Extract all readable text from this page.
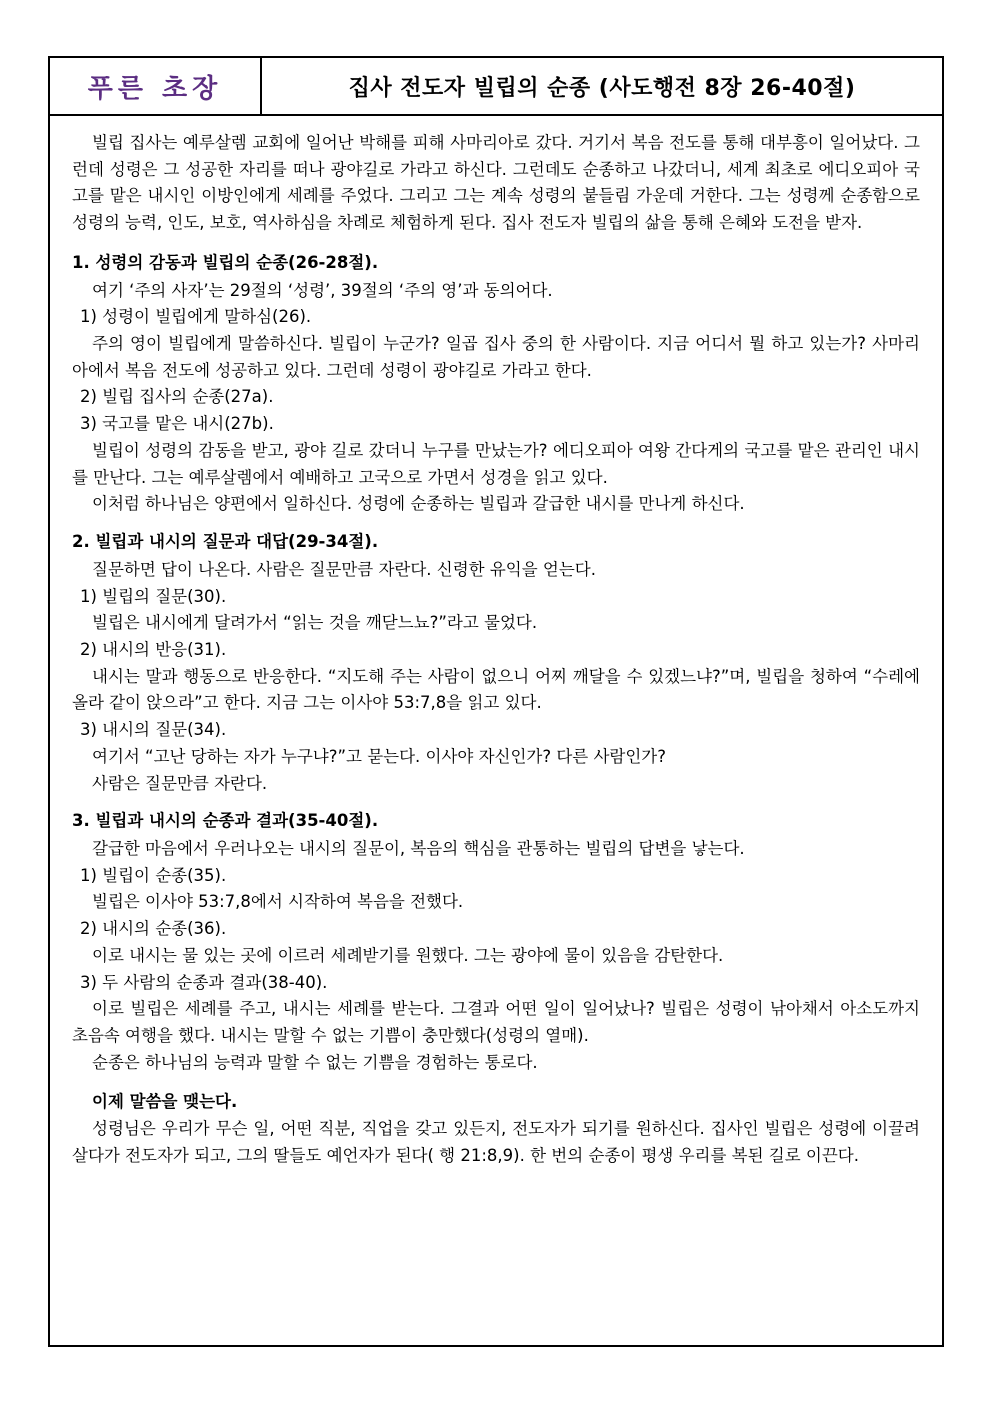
푸른 초장	집사 전도자 빌립의 순종 (사도행전 8장 26-40절)

빌립 집사는 예루살렘 교회에 일어난 박해를 피해 사마리아로 갔다. 거기서 복음 전도를 통해 대부흥이 일어났다. 그런데 성령은 그 성공한 자리를 떠나 광야길로 가라고 하신다. 그런데도 순종하고 나갔더니, 세계 최초로 에디오피아 국고를 맡은 내시인 이방인에게 세례를 주었다. 그리고 그는 계속 성령의 붙들림 가운데 거한다. 그는 성령께 순종함으로 성령의 능력, 인도, 보호, 역사하심을 차례로 체험하게 된다. 집사 전도자 빌립의 삶을 통해 은혜와 도전을 받자.

1. 성령의 감동과 빌립의 순종(26-28절).

여기 ‘주의 사자’는 29절의 ‘성령’, 39절의 ‘주의 영’과 동의어다.

1) 성령이 빌립에게 말하심(26).

주의 영이 빌립에게 말씀하신다. 빌립이 누군가? 일곱 집사 중의 한 사람이다. 지금 어디서 뭘 하고 있는가? 사마리아에서 복음 전도에 성공하고 있다. 그런데 성령이 광야길로 가라고 한다.

2) 빌립 집사의 순종(27a).

3) 국고를 맡은 내시(27b).

빌립이 성령의 감동을 받고, 광야 길로 갔더니 누구를 만났는가? 에디오피아 여왕 간다게의 국고를 맡은 관리인 내시를 만난다. 그는 예루살렘에서 예배하고 고국으로 가면서 성경을 읽고 있다.

이처럼 하나님은 양편에서 일하신다. 성령에 순종하는 빌립과 갈급한 내시를 만나게 하신다.

2. 빌립과 내시의 질문과 대답(29-34절).

질문하면 답이 나온다. 사람은 질문만큼 자란다. 신령한 유익을 얻는다.

1) 빌립의 질문(30).

빌립은 내시에게 달려가서 “읽는 것을 깨닫느뇨?”라고 물었다.

2) 내시의 반응(31).

내시는 말과 행동으로 반응한다. “지도해 주는 사람이 없으니 어찌 깨달을 수 있겠느냐?”며, 빌립을 청하여 “수레에 올라 같이 앉으라”고 한다. 지금 그는 이사야 53:7,8을 읽고 있다.

3) 내시의 질문(34).

여기서 “고난 당하는 자가 누구냐?”고 묻는다. 이사야 자신인가? 다른 사람인가?

사람은 질문만큼 자란다.

3. 빌립과 내시의 순종과 결과(35-40절).

갈급한 마음에서 우러나오는 내시의 질문이, 복음의 핵심을 관통하는 빌립의 답변을 낳는다.

1) 빌립이 순종(35).

빌립은 이사야 53:7,8에서 시작하여 복음을 전했다.

2) 내시의 순종(36).

이로 내시는 물 있는 곳에 이르러 세례받기를 원했다. 그는 광야에 물이 있음을 감탄한다.

3) 두 사람의 순종과 결과(38-40).

이로 빌립은 세례를 주고, 내시는 세례를 받는다. 그결과 어떤 일이 일어났나? 빌립은 성령이 낚아채서 아소도까지 초음속 여행을 했다. 내시는 말할 수 없는 기쁨이 충만했다(성령의 열매).

순종은 하나님의 능력과 말할 수 없는 기쁨을 경험하는 통로다.

이제 말씀을 맺는다.

성령님은 우리가 무슨 일, 어떤 직분, 직업을 갖고 있든지, 전도자가 되기를 원하신다. 집사인 빌립은 성령에 이끌려 살다가 전도자가 되고, 그의 딸들도 예언자가 된다( 행 21:8,9). 한 번의 순종이 평생 우리를 복된 길로 이끈다.
